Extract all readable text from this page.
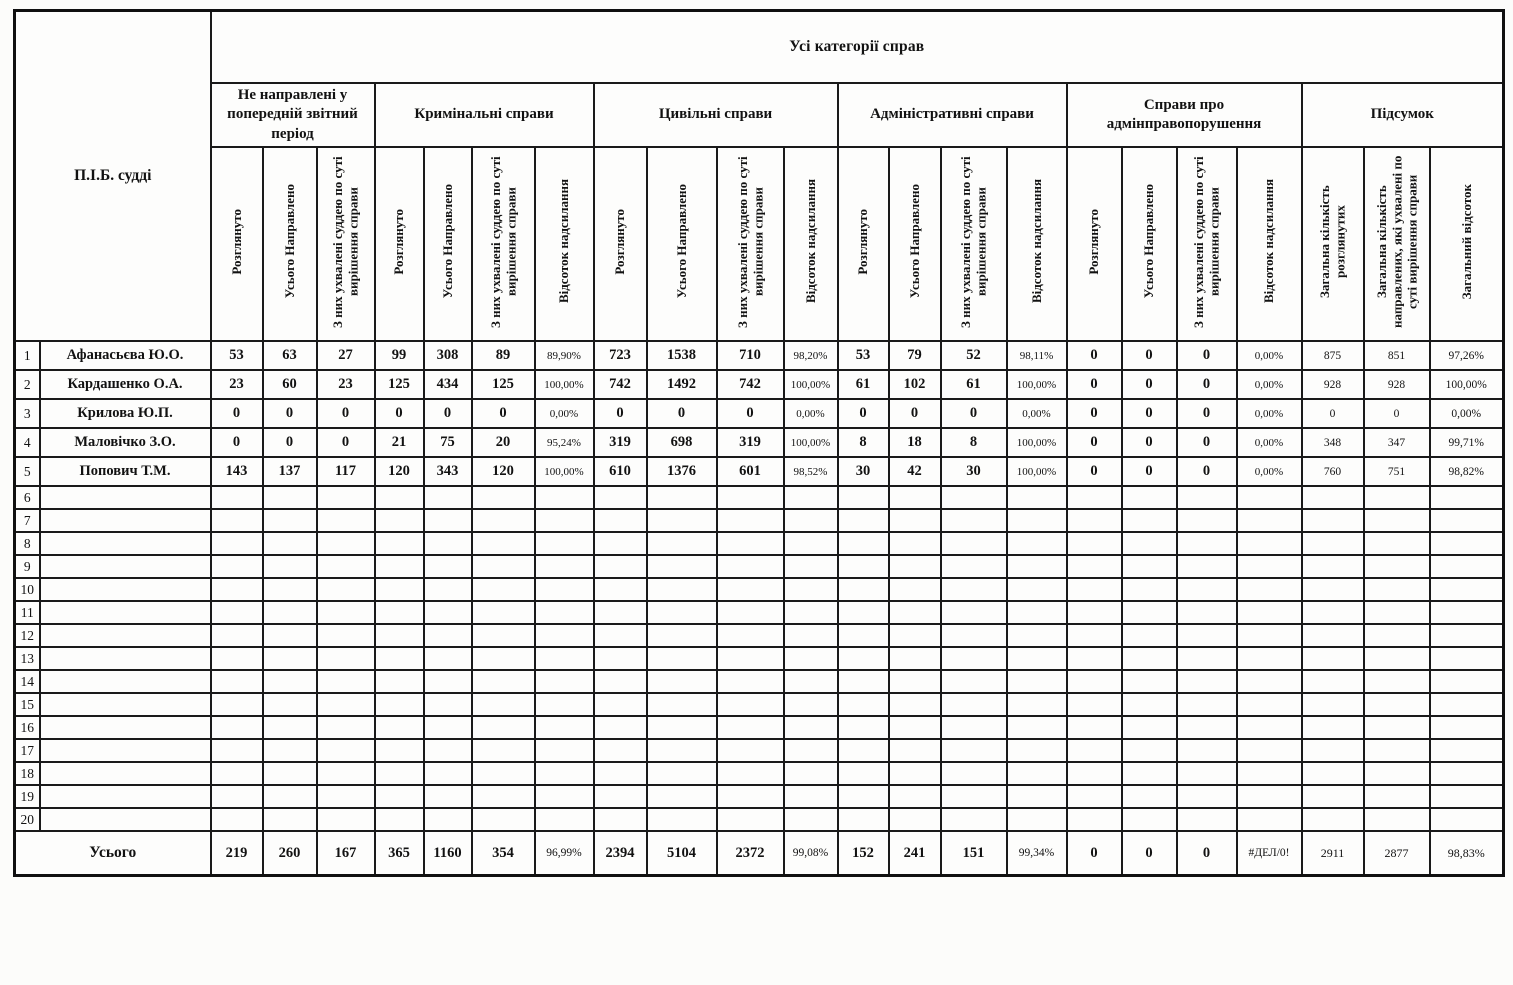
П.І.Б. судді		Усі категорії справ																					
		Не направлені у попередній звітний період			Кримінальні справи				Цивільні справи				Адміністративні справи				Справи про адмінправопорушення				Підсумок		
		Розглянуто	Усього Направлено	З них ухвалені суддею по суті вирішення справи	Розглянуто	Усього Направлено	З них ухвалені суддею по суті вирішення справи	Відсоток надсилання	Розглянуто	Усього Направлено	З них ухвалені суддею по суті вирішення справи	Відсоток надсилання	Розглянуто	Усього Направлено	З них ухвалені суддею по суті вирішення справи	Відсоток надсилання	Розглянуто	Усього Направлено	З них ухвалені суддею по суті вирішення справи	Відсоток надсилання	Загальна кількість розглянутих	Загальна кількість направлених, які ухвалені по суті вирішення справи	Загальний відсоток
1	Афанасьєва Ю.О.	53	63	27	99	308	89	89,90%	723	1538	710	98,20%	53	79	52	98,11%	0	0	0	0,00%	875	851	97,26%
2	Кардашенко О.А.	23	60	23	125	434	125	100,00%	742	1492	742	100,00%	61	102	61	100,00%	0	0	0	0,00%	928	928	100,00%
3	Крилова Ю.П.	0	0	0	0	0	0	0,00%	0	0	0	0,00%	0	0	0	0,00%	0	0	0	0,00%	0	0	0,00%
4	Маловічко З.О.	0	0	0	21	75	20	95,24%	319	698	319	100,00%	8	18	8	100,00%	0	0	0	0,00%	348	347	99,71%
5	Попович Т.М.	143	137	117	120	343	120	100,00%	610	1376	601	98,52%	30	42	30	100,00%	0	0	0	0,00%	760	751	98,82%
6																							
7																							
8																							
9																							
10																							
11																							
12																							
13																							
14																							
15																							
16																							
17																							
18																							
19																							
20																							
Усього		219	260	167	365	1160	354	96,99%	2394	5104	2372	99,08%	152	241	151	99,34%	0	0	0	#ДЕЛ/0!	2911	2877	98,83%
